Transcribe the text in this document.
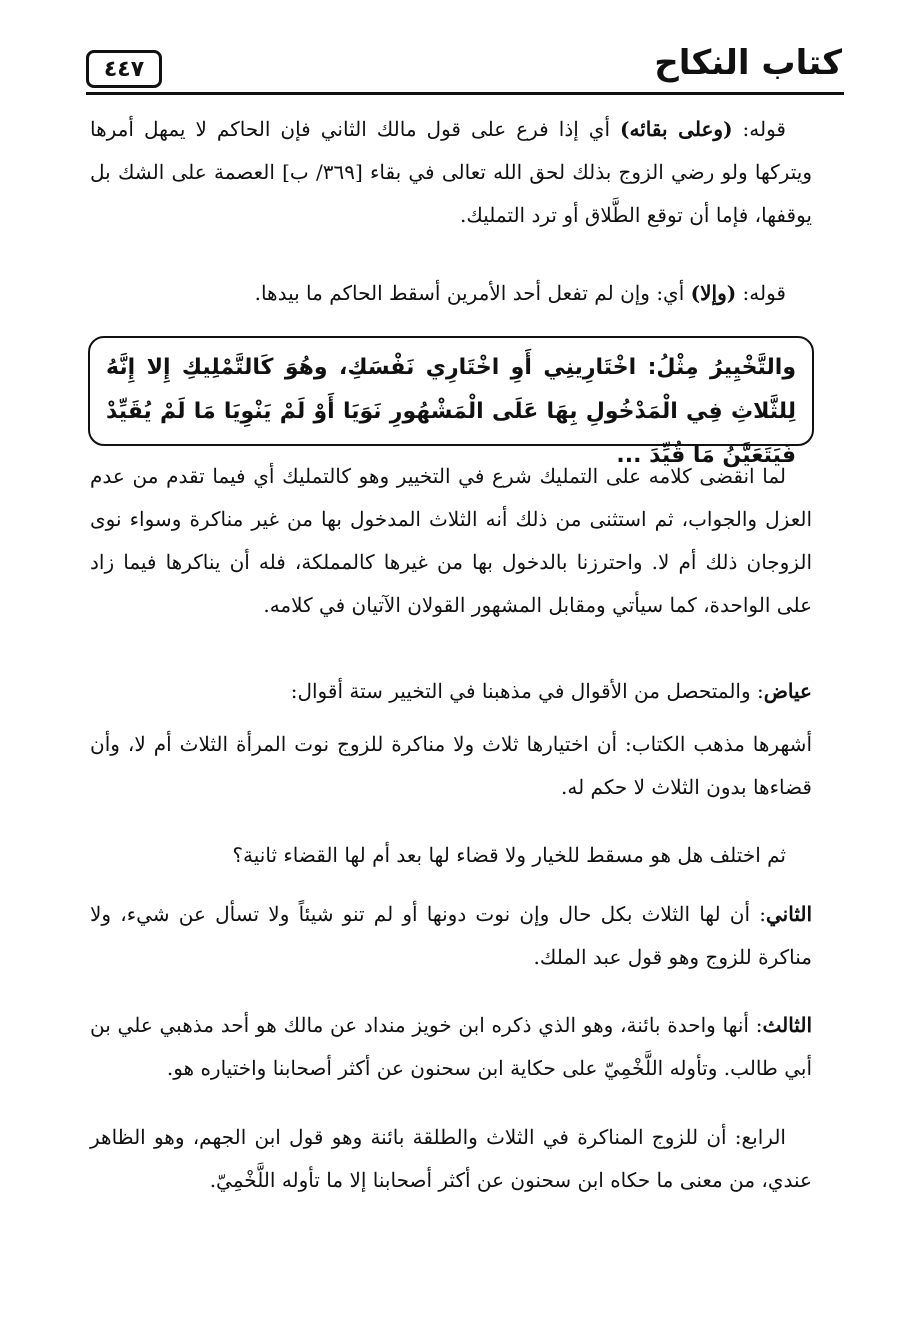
كتاب النكاح
٤٤٧

قوله: (وعلى بقائه) أي إذا فرع على قول مالك الثاني فإن الحاكم لا يمهل أمرها ويتركها ولو رضي الزوج بذلك لحق الله تعالى في بقاء [٣٦٩/ ب] العصمة على الشك بل يوقفها، فإما أن توقع الطَّلاق أو ترد التمليك.

قوله: (وإلا) أي: وإن لم تفعل أحد الأمرين أسقط الحاكم ما بيدها.

والتَّخْيِيرُ مِثْلُ: اخْتَارِينِي أَوِ اخْتَارِي نَفْسَكِ، وهُوَ كَالتَّمْلِيكِ إِلا إِنَّهُ لِلثَّلاثِ فِي الْمَدْخُولِ بِهَا عَلَى الْمَشْهُورِ نَوَيَا أَوْ لَمْ يَنْوِيَا مَا لَمْ يُقَيِّدْ فَيَتَعَيَّنُ مَا قُيِّدَ ...

لما انقضى كلامه على التمليك شرع في التخيير وهو كالتمليك أي فيما تقدم من عدم العزل والجواب، ثم استثنى من ذلك أنه الثلاث المدخول بها من غير مناكرة وسواء نوى الزوجان ذلك أم لا. واحترزنا بالدخول بها من غيرها كالمملكة، فله أن يناكرها فيما زاد على الواحدة، كما سيأتي ومقابل المشهور القولان الآتيان في كلامه.

عياض: والمتحصل من الأقوال في مذهبنا في التخيير ستة أقوال:

أشهرها مذهب الكتاب: أن اختيارها ثلاث ولا مناكرة للزوج نوت المرأة الثلاث أم لا، وأن قضاءها بدون الثلاث لا حكم له.

ثم اختلف هل هو مسقط للخيار ولا قضاء لها بعد أم لها القضاء ثانية؟

الثاني: أن لها الثلاث بكل حال وإن نوت دونها أو لم تنو شيئاً ولا تسأل عن شيء، ولا مناكرة للزوج وهو قول عبد الملك.

الثالث: أنها واحدة بائنة، وهو الذي ذكره ابن خويز منداد عن مالك هو أحد مذهبي علي بن أبي طالب. وتأوله اللَّخْمِيّ على حكاية ابن سحنون عن أكثر أصحابنا واختياره هو.

الرابع: أن للزوج المناكرة في الثلاث والطلقة بائنة وهو قول ابن الجهم، وهو الظاهر عندي، من معنى ما حكاه ابن سحنون عن أكثر أصحابنا إلا ما تأوله اللَّخْمِيّ.
